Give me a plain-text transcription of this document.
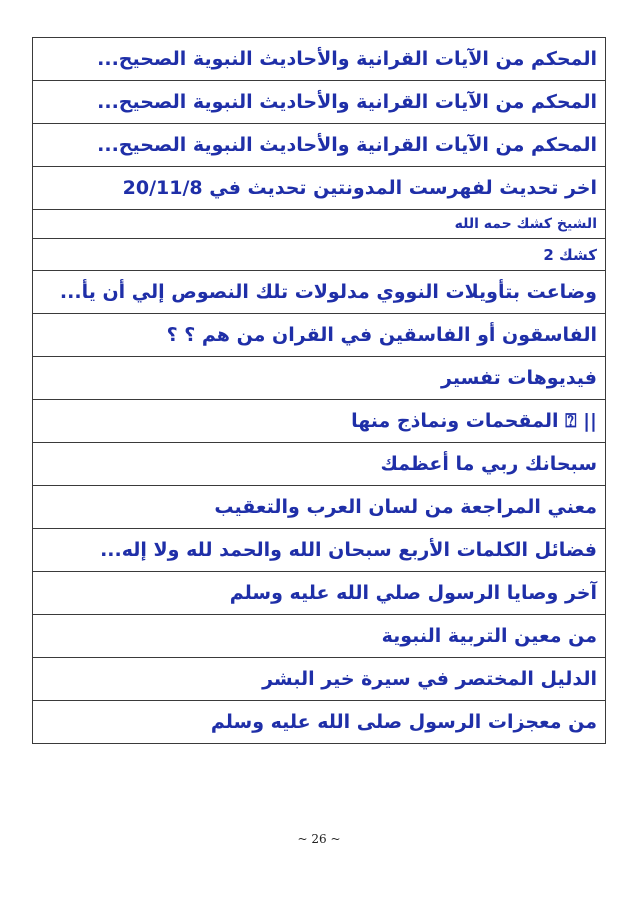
المحكم من الآيات القرانية والأحاديث النبوية الصحيح...
المحكم من الآيات القرانية والأحاديث النبوية الصحيح...
المحكم من الآيات القرانية والأحاديث النبوية الصحيح...
اخر تحديث لفهرست المدونتين تحديث في 20/11/8
الشيخ كشك حمه الله
كشك 2
وضاعت بتأويلات النووي مدلولات تلك النصوص إلي أن يأ...
الفاسقون أو الفاسقين في القران من هم ؟ ؟
فيديوهات تفسير
|| ⍰ المقحمات ونماذج منها
سبحانك ربي ما أعظمك
معني المراجعة من لسان العرب والتعقيب
فضائل الكلمات الأربع سبحان الله والحمد لله ولا إله...
آخر وصايا الرسول صلي الله عليه وسلم
من معين التربية النبوية
الدليل المختصر في سيرة خير البشر
من معجزات الرسول صلى الله عليه وسلم
~ 26 ~
